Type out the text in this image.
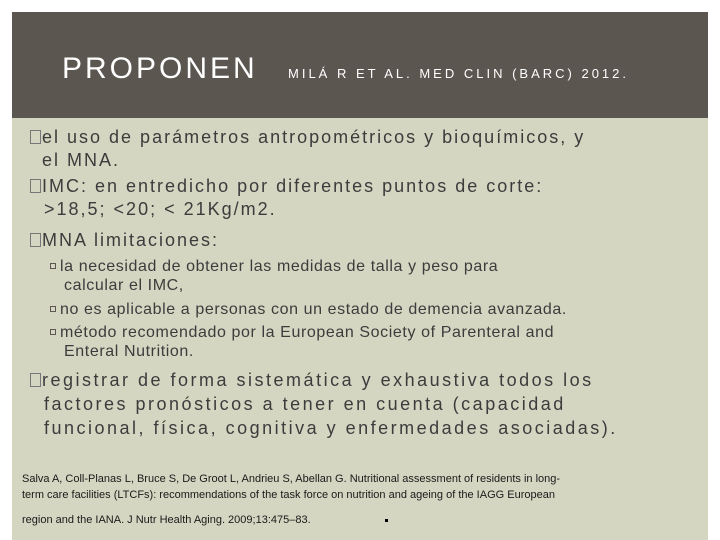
PROPONEN MILÁ R ET AL. MED CLIN (BARC) 2012.
el uso de parámetros antropométricos y bioquímicos, y
el MNA.
IMC: en entredicho por diferentes puntos de corte:
>18,5; <20; < 21Kg/m2.
MNA limitaciones:
la necesidad de obtener las medidas de talla y peso para
calcular el IMC,
no es aplicable a personas con un estado de demencia avanzada.
método recomendado por la European Society of Parenteral and
Enteral Nutrition.
registrar de forma sistemática y exhaustiva todos los
factores pronósticos a tener en cuenta (capacidad
funcional, física, cognitiva y enfermedades asociadas).
Salva A, Coll-Planas L, Bruce S, De Groot L, Andrieu S, Abellan G. Nutritional assessment of residents in long-
term care facilities (LTCFs): recommendations of the task force on nutrition and ageing of the IAGG European
region and the IANA. J Nutr Health Aging. 2009;13:475–83.
